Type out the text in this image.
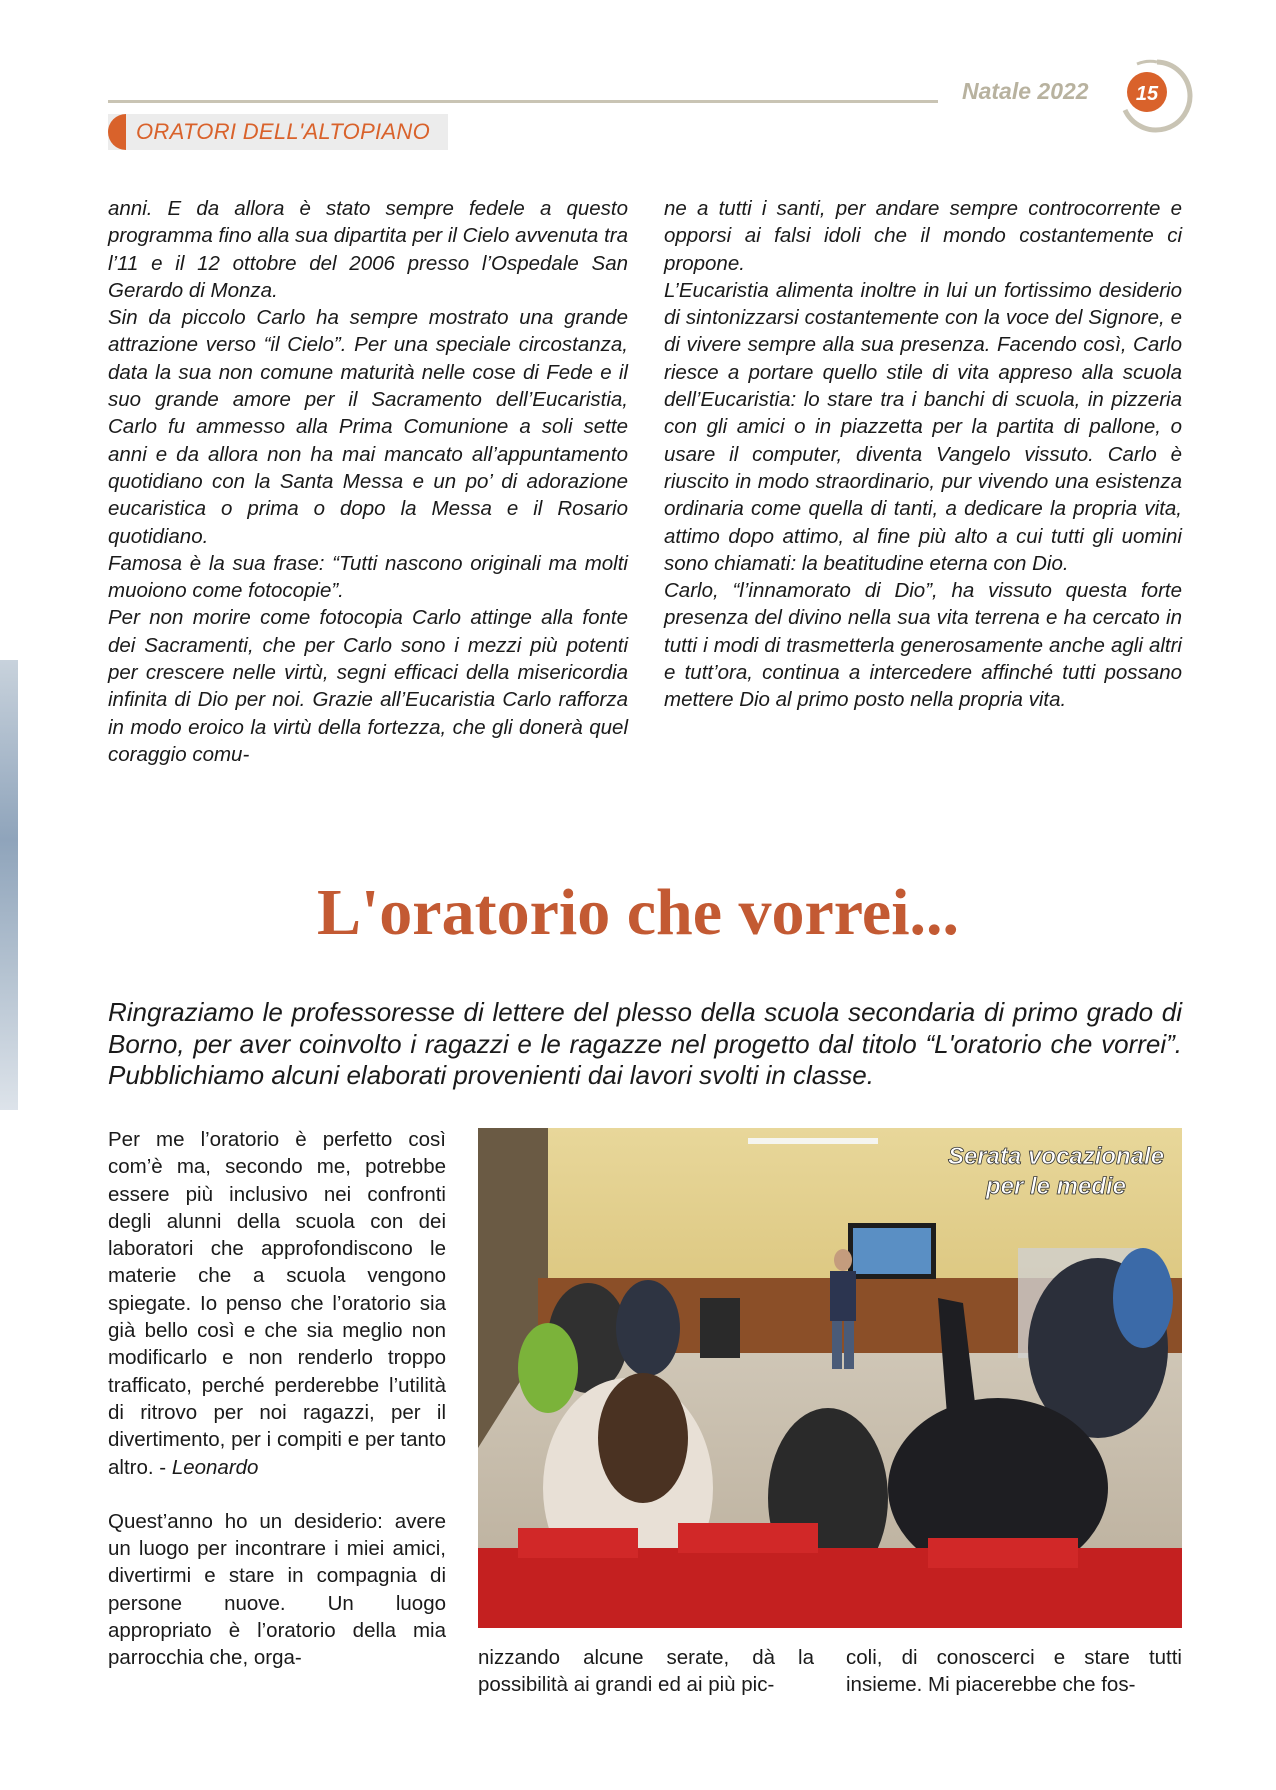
Natale 2022 15
ORATORI DELL'ALTOPIANO

anni. E da allora è stato sempre fedele a questo programma fino alla sua dipartita per il Cielo avvenuta tra l’11 e il 12 ottobre del 2006 presso l’Ospedale San Gerardo di Monza.

Sin da piccolo Carlo ha sempre mostrato una grande attrazione verso “il Cielo”. Per una speciale circostanza, data la sua non comune maturità nelle cose di Fede e il suo grande amore per il Sacramento dell’Eucaristia, Carlo fu ammesso alla Prima Comunione a soli sette anni e da allora non ha mai mancato all’appuntamento quotidiano con la Santa Messa e un po’ di adorazione eucaristica o prima o dopo la Messa e il Rosario quotidiano.

Famosa è la sua frase: “Tutti nascono originali ma molti muoiono come fotocopie”.

Per non morire come fotocopia Carlo attinge alla fonte dei Sacramenti, che per Carlo sono i mezzi più potenti per crescere nelle virtù, segni efficaci della misericordia infinita di Dio per noi. Grazie all’Eucaristia Carlo rafforza in modo eroico la virtù della fortezza, che gli donerà quel coraggio comu-

ne a tutti i santi, per andare sempre controcorrente e opporsi ai falsi idoli che il mondo costantemente ci propone.

L’Eucaristia alimenta inoltre in lui un fortissimo desiderio di sintonizzarsi costantemente con la voce del Signore, e di vivere sempre alla sua presenza. Facendo così, Carlo riesce a portare quello stile di vita appreso alla scuola dell’Eucaristia: lo stare tra i banchi di scuola, in pizzeria con gli amici o in piazzetta per la partita di pallone, o usare il computer, diventa Vangelo vissuto. Carlo è riuscito in modo straordinario, pur vivendo una esistenza ordinaria come quella di tanti, a dedicare la propria vita, attimo dopo attimo, al fine più alto a cui tutti gli uomini sono chiamati: la beatitudine eterna con Dio.

Carlo, “l’innamorato di Dio”, ha vissuto questa forte presenza del divino nella sua vita terrena e ha cercato in tutti i modi di trasmetterla generosamente anche agli altri e tutt’ora, continua a intercedere affinché tutti possano mettere Dio al primo posto nella propria vita.

L'oratorio che vorrei...
Ringraziamo le professoresse di lettere del plesso della scuola secondaria di primo grado di Borno, per aver coinvolto i ragazzi e le ragazze nel progetto dal titolo “L'oratorio che vorrei”. Pubblichiamo alcuni elaborati provenienti dai lavori svolti in classe.

Per me l’oratorio è perfetto così com’è ma, secondo me, potrebbe essere più inclusivo nei confronti degli alunni della scuola con dei laboratori che approfondiscono le materie che a scuola vengono spiegate. Io penso che l’oratorio sia già bello così e che sia meglio non modificarlo e non renderlo troppo trafficato, perché perderebbe l’utilità di ritrovo per noi ragazzi, per il divertimento, per i compiti e per tanto altro. - Leonardo

Quest’anno ho un desiderio: avere un luogo per incontrare i miei amici, divertirmi e stare in compagnia di persone nuove. Un luogo appropriato è l’oratorio della mia parrocchia che, orga-

Serata vocazionale
per le medie

nizzando alcune serate, dà la possibilità ai grandi ed ai più pic-

coli, di conoscerci e stare tutti insieme. Mi piacerebbe che fos-
